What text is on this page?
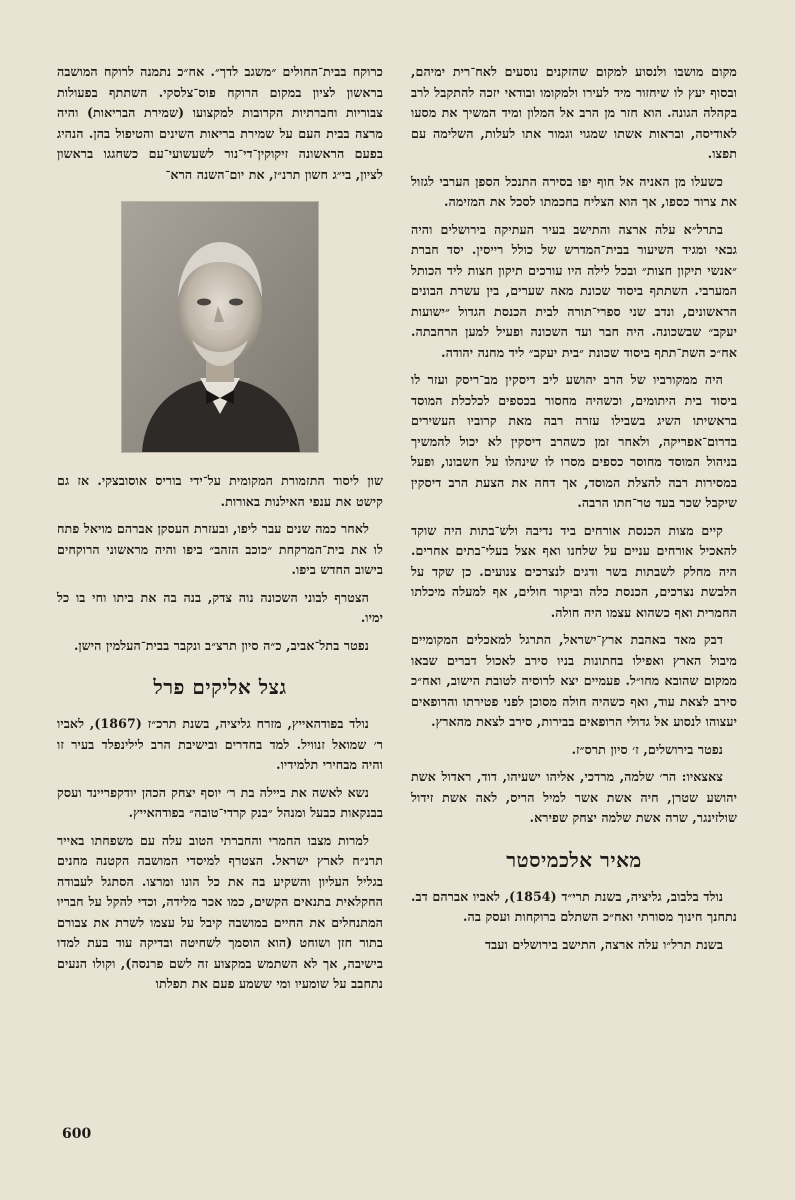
מקום מושבו ולנסוע למקום שהזקנים נוסעים לאח־רית ימיהם, ובסוף יעץ לו שיחזור מיד לעירו ולמקומו ובודאי יזכה להתקבל לרב בקהלה הגונה. הוא חזר מן הרב אל המלון ומיד המשיך את מסעו לאודיסה, ובראות אשתו שמגוי וגמור אתו לעלות, השלימה עם תפצו.

כשעלו מן האניה אל חוף יפו בסירה התנכל הספן הערבי לגזול את צרור כספו, אך הוא הצליח בחכמתו לסכל את המזימה.

בתרל״א עלה ארצה והתישב בעיר העתיקה בירושלים והיה גבאי ומגיד השיעור בבית־המדרש של כולל רייסין. יסד חברת ״אנשי תיקון חצות״ ובכל לילה היו עורכים תיקון חצות ליד הכותל המערבי. השתתף ביסוד שכונת מאה שערים, בין עשרת הבונים הראשונים, ונדב שני ספרי־תורה לבית הכנסת הגדול ״ישועות יעקב״ שבשכונה. היה חבר ועד השכונה ופעיל למען הרחבתה. אח״כ השת־תתף ביסוד שכונת ״בית יעקב״ ליד מחנה יהודה.

היה ממקורביו של הרב יהושע ליב דיסקין מב־ריסק ועזר לו ביסוד בית היתומים, וכשהיה מחסור בכספים לכלכלת המוסד בראשיתו השיג בשבילו עזרה רבה מאת קרוביו העשירים בדרום־אפריקה, ולאחר זמן כשהרב דיסקין לא יכול להמשיך בניהול המוסד מחוסר כספים מסרו לו שינהלו על חשבונו, ופעל במסירות רבה להצלת המוסד, אך דחה את הצעת הרב דיסקין שיקבל שכר בעד טר־חתו הרבה.

קיים מצות הכנסת אורחים ביד נדיבה ולש־בתות היה שוקד להאכיל אורחים עניים על שלחנו ואף אצל בעלי־בתים אחרים. היה מחלק לשבתות בשר ודגים לנצרכים צנועים. כן שקד על הלבשת נצרכים, הכנסת כלה וביקור חולים, אף למעלה מיכלתו החמרית ואף כשהוא עצמו היה חולה.

דבק מאד באהבת ארץ־ישראל, התרגל למאכלים המקומיים מיבול הארץ ואפילו בחתונות בניו סירב לאכול דברים שבאו ממקום שהובא מחו״ל. פעמיים יצא לרוסיה לטובת הישוב, ואח״כ סירב לצאת עוד, ואף כשהיה חולה מסוכן לפני פטירתו והרופאים יעצוהו לנסוע אל גדולי הרופאים בבירות, סירב לצאת מהארץ.

נפטר בירושלים, ז׳ סיון תרס״ז.

צאצאיו: הר׳ שלמה, מרדכי, אליהו ישעיהו, דוד, ראדול אשת יהושע שטרן, חיה אשת אשר למיל הריס, לאה אשת זידול שולזינגר, שרה אשת שלמה יצחק שפירא.

מאיר אלכמיסטר

נולד בלבוב, גליציה, בשנת תרי״ד (1854), לאביו אברהם דב. נתחנך חינוך מסורתי ואח״כ השתלם ברוקחות ועסק בה.

בשנת תרל״ו עלה ארצה, התישב בירושלים ועבד

כרוקח בבית־החולים ״משגב לדך״. אח״כ נתמנה לרוקח המושבה בראשון לציון במקום הרוקח פוס־צלסקי. השתתף בפעולות צבוריות וחברתיות הקרובות למקצועו (שמירת הבריאות) והיה מרצה בבית העם על שמירת בריאות השינים והטיפול בהן. הנהיג בפעם הראשונה זיקוקין־די־נור לשעשועי־עם כשחגגו בראשון לציון, בי״ג חשון תרנ״ז, את יום־השנה הרא־

שון ליסוד התזמורת המקומית על־ידי בוריס אוסובצקי. אז גם קישט את ענפי האילנות באורות.

לאחר כמה שנים עבר ליפו, ובעזרת העסקן אברהם מויאל פתח לו את בית־המרקחת ״כוכב הזהב״ ביפו והיה מראשוני הרוקחים בישוב החדש ביפו.

הצטרף לבוני השכונה נוה צדק, בנה בה את ביתו וחי בו כל ימיו.

נפטר בתל־אביב, כ״ה סיון תרצ״ב ונקבר בבית־העלמין הישן.

גצל אליקים פרל

נולד בפודהאייץ, מזרח גליציה, בשנת תרכ״ז (1867), לאביו ר׳ שמואל זנוויל. למד בחדרים ובישיבת הרב לילינפלד בעיר זו והיה מבחירי תלמידיו.

נשא לאשה את ביילה בת ר׳ יוסף יצחק הכהן יודקפריינד ועסק בבנקאות כבעל ומנהל ״בנק קרדי־טובה״ בפודהאייץ.

למרות מצבו החמרי והחברתי הטוב עלה עם משפחתו באייר תרנ״ח לארץ ישראל. הצטרף למיסדי המושבה הקטנה מחנים בגליל העליון והשקיע בה את כל הונו ומרצו. הסתגל לעבודה החקלאית בתנאים הקשים, כמו אכר מלידה, וכדי להקל על חבריו המתנחלים את החיים במושבה קיבל על עצמו לשרת את צבורם בתור חזן ושוחט (הוא הוסמך לשחיטה ובדיקה עוד בעת למדו בישיבה, אך לא השתמש במקצוע זה לשם פרנסה), וקולו הנעים נתחבב על שומעיו ומי ששמע פעם את תפלתו

600
